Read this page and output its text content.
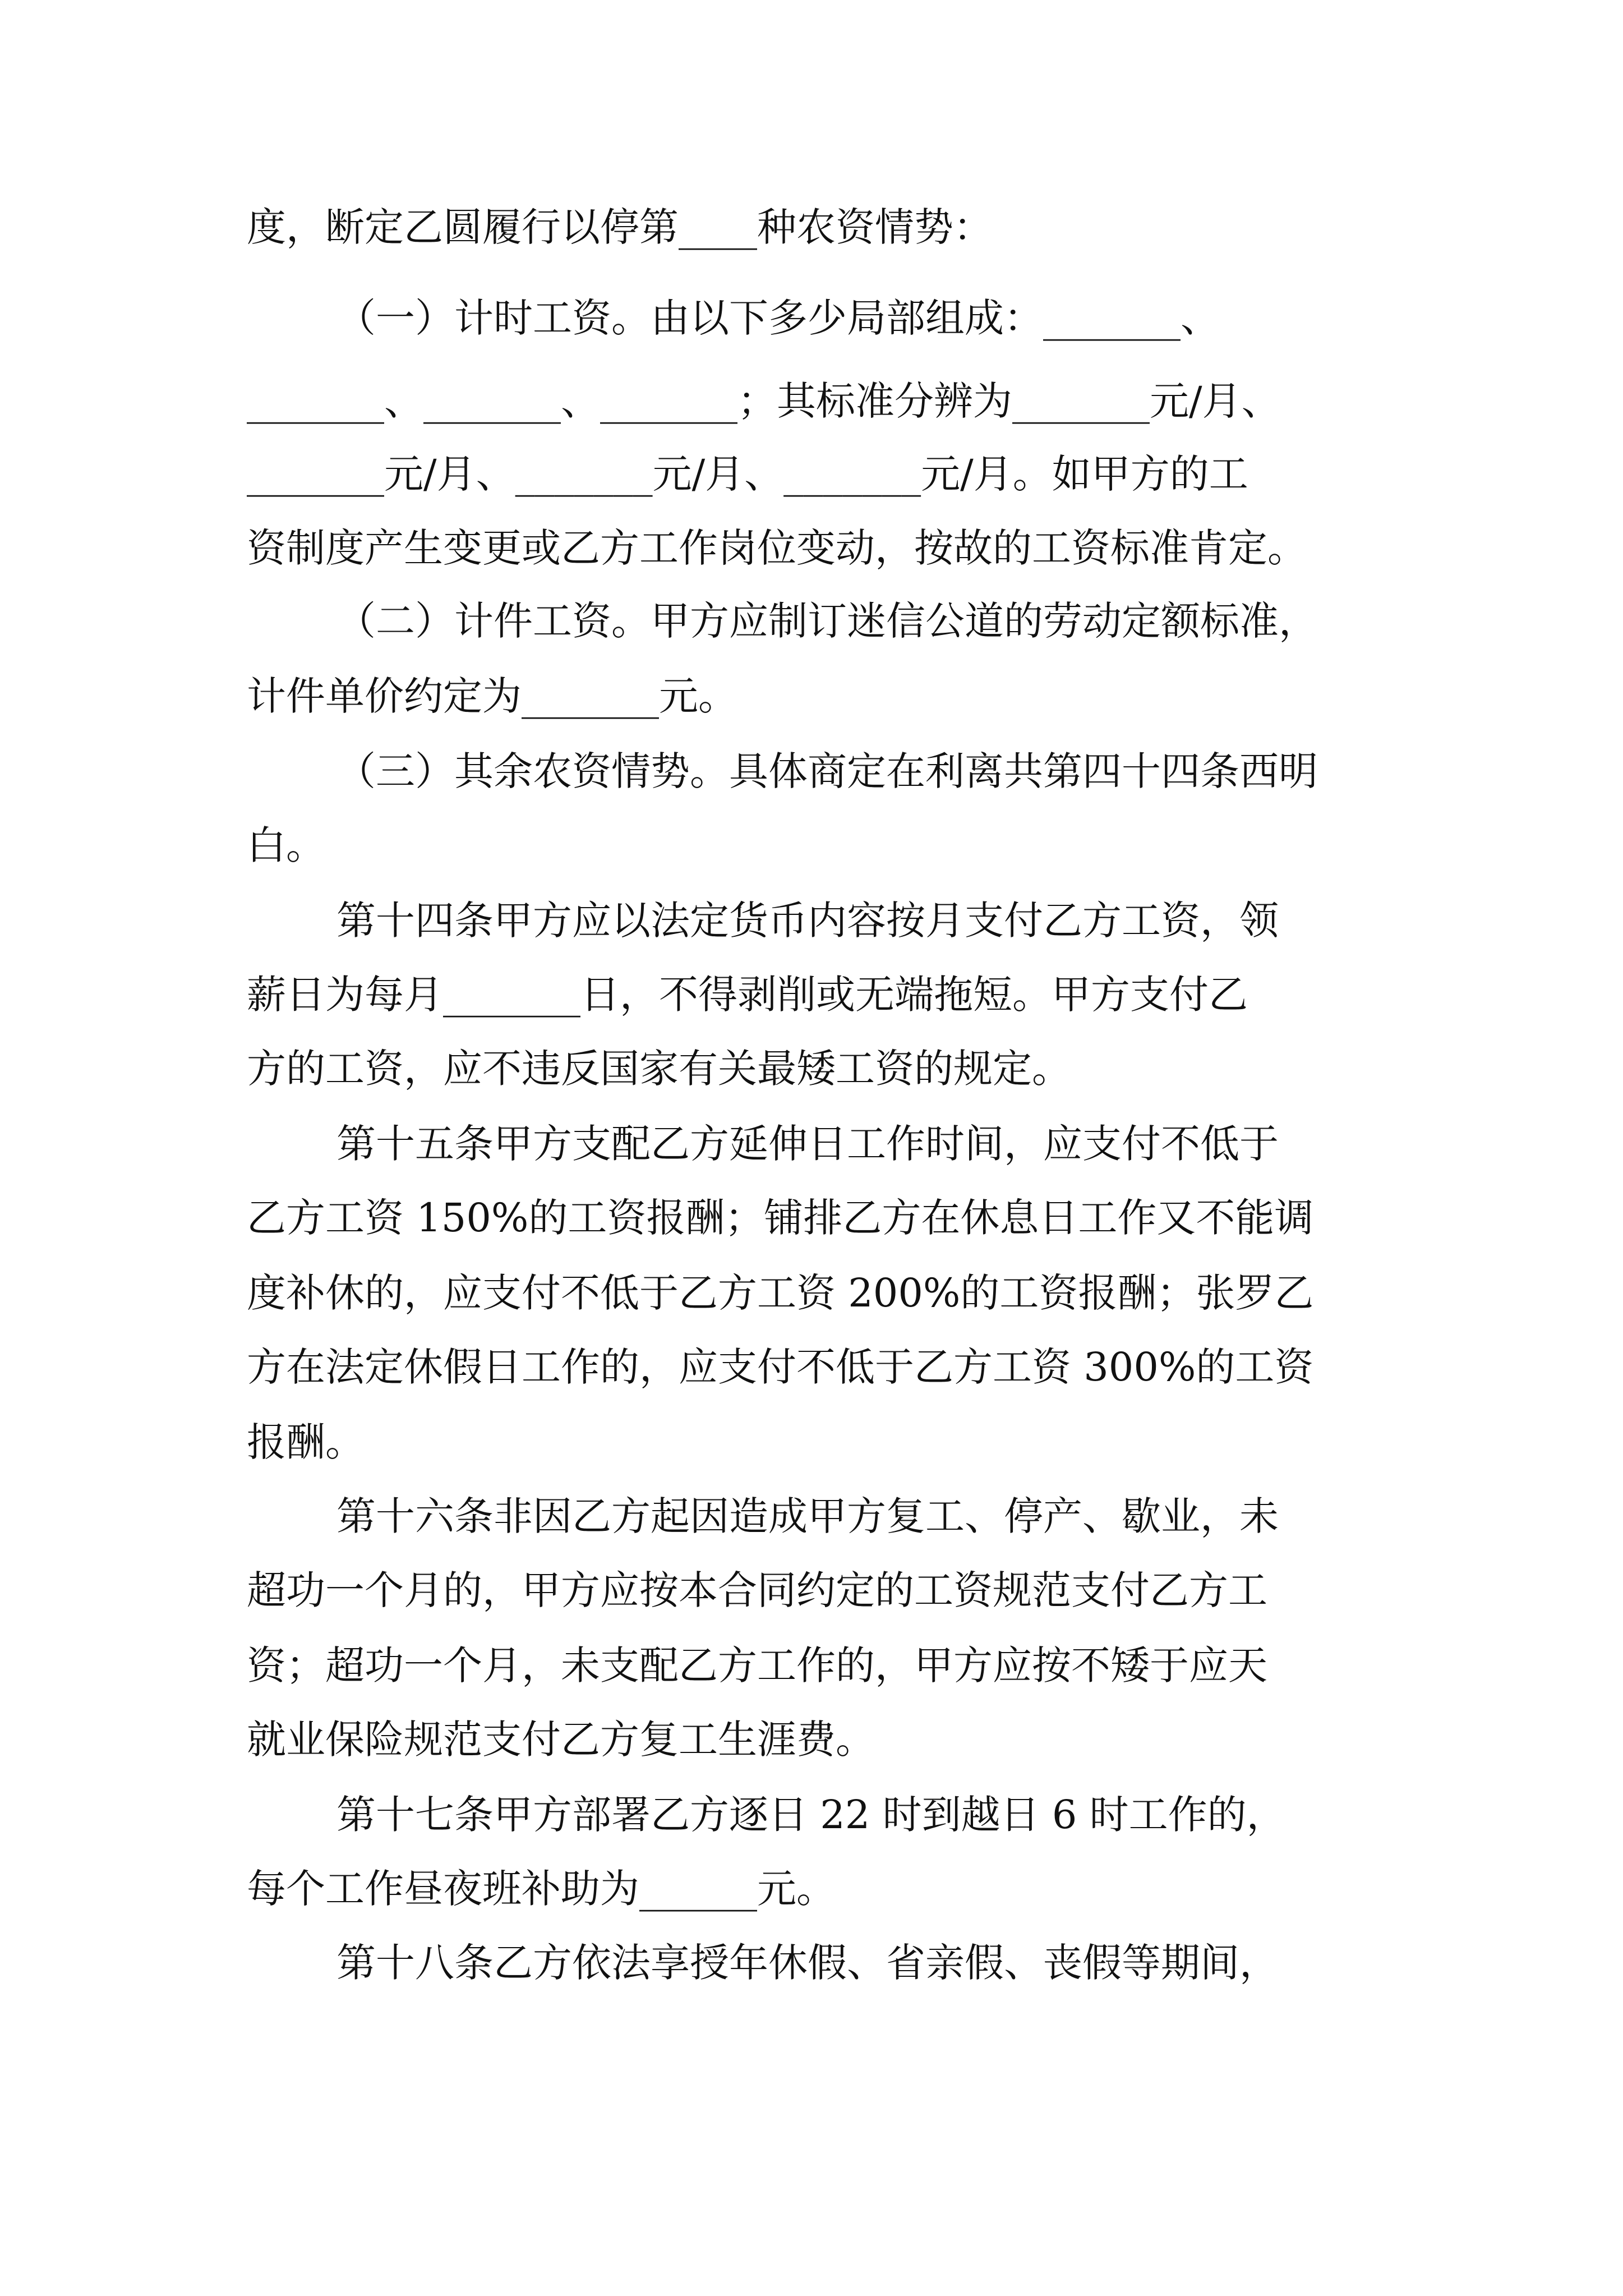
度，断定乙圆履行以停第____种农资情势：
（一）计时工资。由以下多少局部组成：_______、
_______、_______、_______；其标准分辨为_______元/月、
_______元/月、_______元/月、_______元/月。如甲方的工
资制度产生变更或乙方工作岗位变动，按故的工资标准肯定。
（二）计件工资。甲方应制订迷信公道的劳动定额标准，
计件单价约定为_______元。
（三）其余农资情势。具体商定在利离共第四十四条西明
白。
第十四条甲方应以法定货币内容按月支付乙方工资，领
薪日为每月_______日，不得剥削或无端拖短。甲方支付乙
方的工资，应不违反国家有关最矮工资的规定。
第十五条甲方支配乙方延伸日工作时间，应支付不低于
乙方工资 150%的工资报酬；铺排乙方在休息日工作又不能调
度补休的，应支付不低于乙方工资 200%的工资报酬；张罗乙
方在法定休假日工作的，应支付不低于乙方工资 300%的工资
报酬。
第十六条非因乙方起因造成甲方复工、停产、歇业，未
超功一个月的，甲方应按本合同约定的工资规范支付乙方工
资；超功一个月，未支配乙方工作的，甲方应按不矮于应天
就业保险规范支付乙方复工生涯费。
第十七条甲方部署乙方逐日 22 时到越日 6 时工作的，
每个工作昼夜班补助为______元。
第十八条乙方依法享授年休假、省亲假、丧假等期间，
